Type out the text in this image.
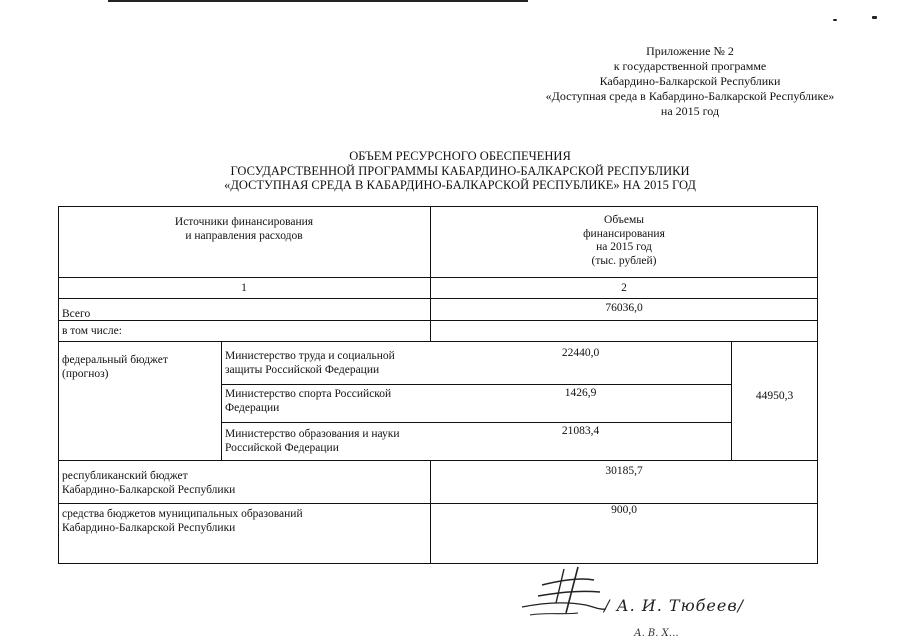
Приложение № 2
к государственной программе
Кабардино-Балкарской Республики
«Доступная среда в Кабардино-Балкарской Республике»
на 2015 год
ОБЪЕМ РЕСУРСНОГО ОБЕСПЕЧЕНИЯ
ГОСУДАРСТВЕННОЙ ПРОГРАММЫ КАБАРДИНО-БАЛКАРСКОЙ РЕСПУБЛИКИ
«ДОСТУПНАЯ СРЕДА В КАБАРДИНО-БАЛКАРСКОЙ РЕСПУБЛИКЕ» НА 2015 ГОД
Источники финансирования
и направления расходов
Объемы
финансирования
на 2015 год
(тыс. рублей)
1	2
Всего	76036,0
в том числе:
федеральный бюджет
(прогноз)
Министерство труда и социальной
защиты Российской Федерации
22440,0
Министерство спорта Российской
Федерации
1426,9
Министерство образования и науки
Российской Федерации
21083,4
44950,3
республиканский бюджет
Кабардино-Балкарской Республики
30185,7
средства бюджетов муниципальных образований
Кабардино-Балкарской Республики
900,0
/ А. И. Тюбеев/
А. В. Х…
